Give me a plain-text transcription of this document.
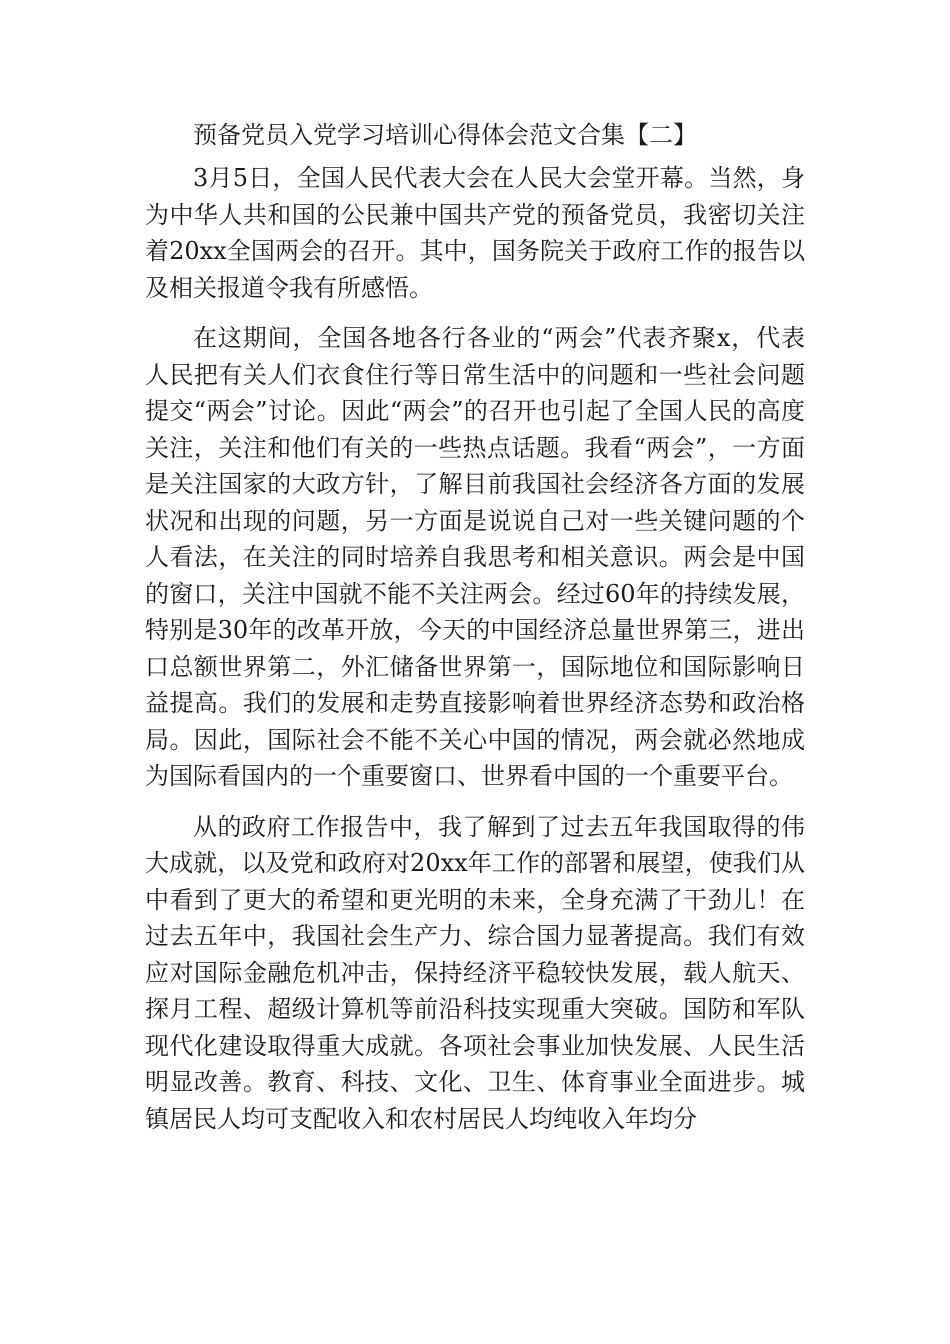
预备党员入党学习培训心得体会范文合集【二】

3月5日，全国人民代表大会在人民大会堂开幕。当然，身为中华人共和国的公民兼中国共产党的预备党员，我密切关注着20xx全国两会的召开。其中，国务院关于政府工作的报告以及相关报道令我有所感悟。

在这期间，全国各地各行各业的“两会”代表齐聚x，代表人民把有关人们衣食住行等日常生活中的问题和一些社会问题提交“两会”讨论。因此“两会”的召开也引起了全国人民的高度关注，关注和他们有关的一些热点话题。我看“两会”，一方面是关注国家的大政方针，了解目前我国社会经济各方面的发展状况和出现的问题，另一方面是说说自己对一些关键问题的个人看法，在关注的同时培养自我思考和相关意识。两会是中国的窗口，关注中国就不能不关注两会。经过60年的持续发展，特别是30年的改革开放，今天的中国经济总量世界第三，进出口总额世界第二，外汇储备世界第一，国际地位和国际影响日益提高。我们的发展和走势直接影响着世界经济态势和政治格局。因此，国际社会不能不关心中国的情况，两会就必然地成为国际看国内的一个重要窗口、世界看中国的一个重要平台。

从的政府工作报告中，我了解到了过去五年我国取得的伟大成就，以及党和政府对20xx年工作的部署和展望，使我们从中看到了更大的希望和更光明的未来，全身充满了干劲儿！在过去五年中，我国社会生产力、综合国力显著提高。我们有效应对国际金融危机冲击，保持经济平稳较快发展，载人航天、探月工程、超级计算机等前沿科技实现重大突破。国防和军队现代化建设取得重大成就。各项社会事业加快发展、人民生活明显改善。教育、科技、文化、卫生、体育事业全面进步。城镇居民人均可支配收入和农村居民人均纯收入年均分
